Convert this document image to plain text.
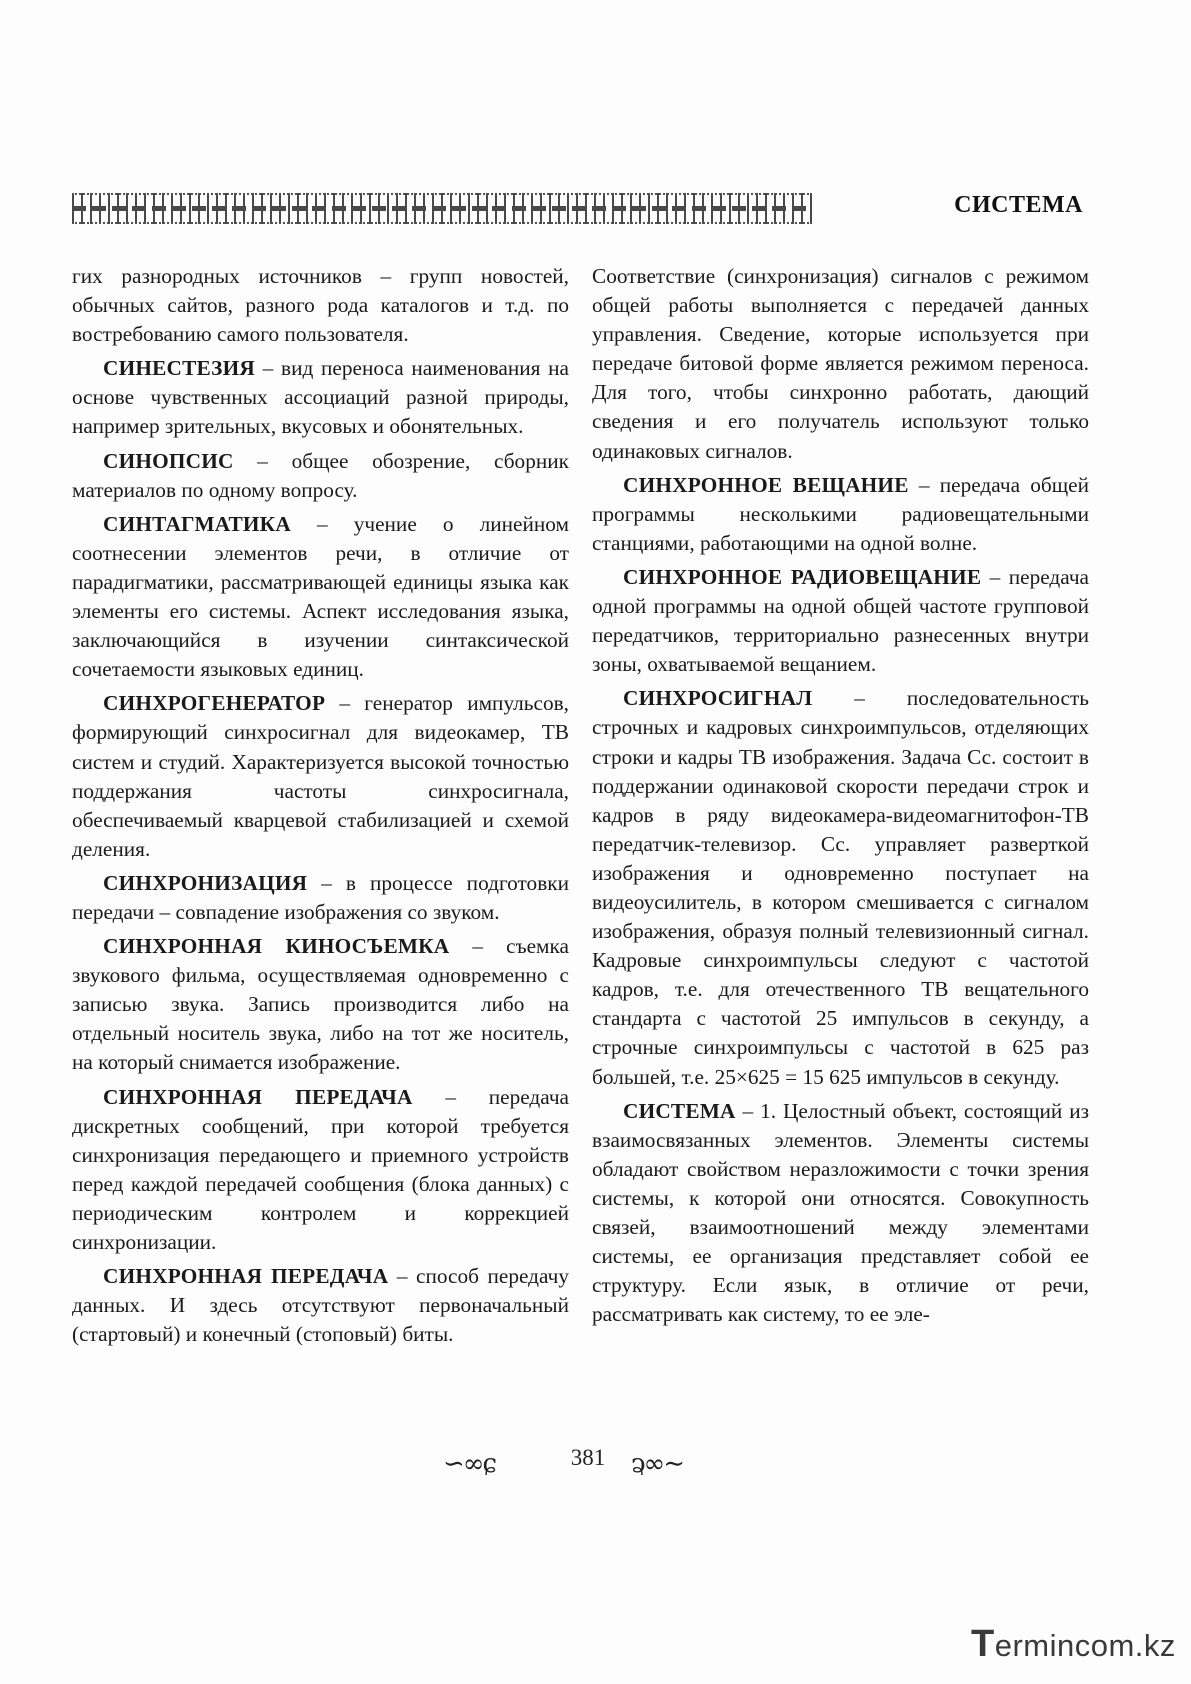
СИСТЕМА

гих разнородных источников – групп новостей, обычных сайтов, разного рода каталогов и т.д. по востребованию самого пользователя.

СИНЕСТЕЗИЯ – вид переноса наименования на основе чувственных ассоциаций разной природы, например зрительных, вкусовых и обонятельных.

СИНОПСИС – общее обозрение, сборник материалов по одному вопросу.

СИНТАГМАТИКА – учение о линейном соотнесении элементов речи, в отличие от парадигматики, рассматривающей единицы языка как элементы его системы. Аспект исследования языка, заключающийся в изучении синтаксической сочетаемости языковых единиц.

СИНХРОГЕНЕРАТОР – генератор импульсов, формирующий синхросигнал для видеокамер, ТВ систем и студий. Характеризуется высокой точностью поддержания частоты синхросигнала, обеспечиваемый кварцевой стабилизацией и схемой деления.

СИНХРОНИЗАЦИЯ – в процессе подготовки передачи – совпадение изображения со звуком.

СИНХРОННАЯ КИНОСЪЕМКА – съемка звукового фильма, осуществляемая одновременно с записью звука. Запись производится либо на отдельный носитель звука, либо на тот же носитель, на который снимается изображение.

СИНХРОННАЯ ПЕРЕДАЧА – передача дискретных сообщений, при которой требуется синхронизация передающего и приемного устройств перед каждой передачей сообщения (блока данных) с периодическим контролем и коррекцией синхронизации.

СИНХРОННАЯ ПЕРЕДАЧА – способ передачу данных. И здесь отсутствуют первоначальный (стартовый) и конечный (стоповый) биты.

Соответствие (синхронизация) сигналов с режимом общей работы выполняется с передачей данных управления. Сведение, которые используется при передаче битовой форме является режимом переноса. Для того, чтобы синхронно работать, дающий сведения и его получатель используют только одинаковых сигналов.

СИНХРОННОЕ ВЕЩАНИЕ – передача общей программы несколькими радиовещательными станциями, работающими на одной волне.

СИНХРОННОЕ РАДИОВЕЩАНИЕ – передача одной программы на одной общей частоте групповой передатчиков, территориально разнесенных внутри зоны, охватываемой вещанием.

СИНХРОСИГНАЛ – последовательность строчных и кадровых синхроимпульсов, отделяющих строки и кадры ТВ изображения. Задача Сс. состоит в поддержании одинаковой скорости передачи строк и кадров в ряду видеокамера-видеомагнитофон-ТВ передатчик-телевизор. Сс. управляет разверткой изображения и одновременно поступает на видеоусилитель, в котором смешивается с сигналом изображения, образуя полный телевизионный сигнал. Кадровые синхроимпульсы следуют с частотой кадров, т.е. для отечественного ТВ вещательного стандарта с частотой 25 импульсов в секунду, а строчные синхроимпульсы с частотой в 625 раз большей, т.е. 25×625 = 15 625 импульсов в секунду.

СИСТЕМА – 1. Целостный объект, состоящий из взаимосвязанных элементов. Элементы системы обладают свойством неразложимости с точки зрения системы, к которой они относятся. Совокупность связей, взаимоотношений между элементами системы, ее организация представляет собой ее структуру. Если язык, в отличие от речи, рассматривать как систему, то ее эле-

∽∞ɕ	381 ∽∞ɕ
Termincom.kz
